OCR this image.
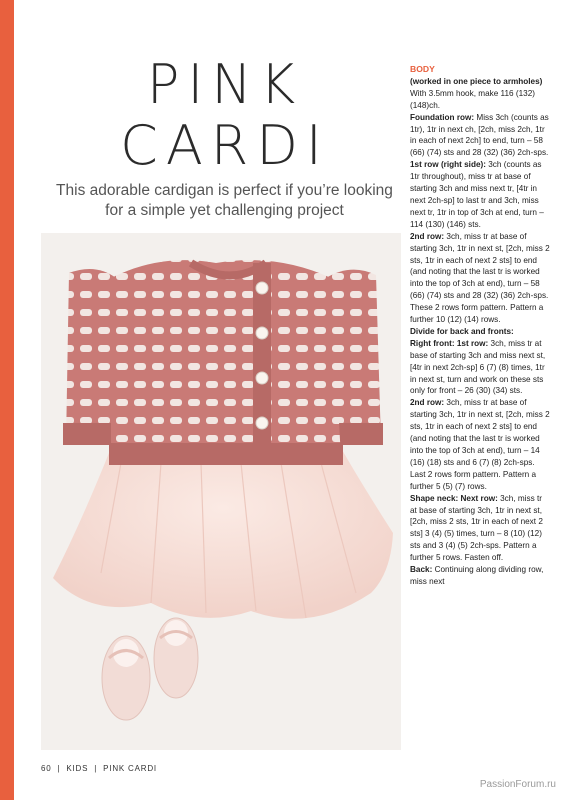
PINK
CARDI
This adorable cardigan is perfect if you’re looking for a simple yet challenging project

BODY

(worked in one piece to armholes)

With 3.5mm hook, make 116 (132) (148)ch.

Foundation row: Miss 3ch (counts as 1tr), 1tr in next ch, [2ch, miss 2ch, 1tr in each of next 2ch] to end, turn – 58 (66) (74) sts and 28 (32) (36) 2ch-sps.

1st row (right side): 3ch (counts as 1tr throughout), miss tr at base of starting 3ch and miss next tr, [4tr in next 2ch-sp] to last tr and 3ch, miss next tr, 1tr in top of 3ch at end, turn – 114 (130) (146) sts.

2nd row: 3ch, miss tr at base of starting 3ch, 1tr in next st, [2ch, miss 2 sts, 1tr in each of next 2 sts] to end (and noting that the last tr is worked into the top of 3ch at end), turn – 58 (66) (74) sts and 28 (32) (36) 2ch-sps.

These 2 rows form pattern. Pattern a further 10 (12) (14) rows.

Divide for back and fronts:

Right front: 1st row: 3ch, miss tr at base of starting 3ch and miss next st, [4tr in next 2ch-sp] 6 (7) (8) times, 1tr in next st, turn and work on these sts only for front – 26 (30) (34) sts.

2nd row: 3ch, miss tr at base of starting 3ch, 1tr in next st, [2ch, miss 2 sts, 1tr in each of next 2 sts] to end (and noting that the last tr is worked into the top of 3ch at end), turn – 14 (16) (18) sts and 6 (7) (8) 2ch-sps.

Last 2 rows form pattern. Pattern a further 5 (5) (7) rows.

Shape neck: Next row: 3ch, miss tr at base of starting 3ch, 1tr in next st, [2ch, miss 2 sts, 1tr in each of next 2 sts] 3 (4) (5) times, turn – 8 (10) (12) sts and 3 (4) (5) 2ch-sps. Pattern a further 5 rows. Fasten off.

Back: Continuing along dividing row, miss next

60 | KIDS | PINK CARDI
PassionForum.ru
